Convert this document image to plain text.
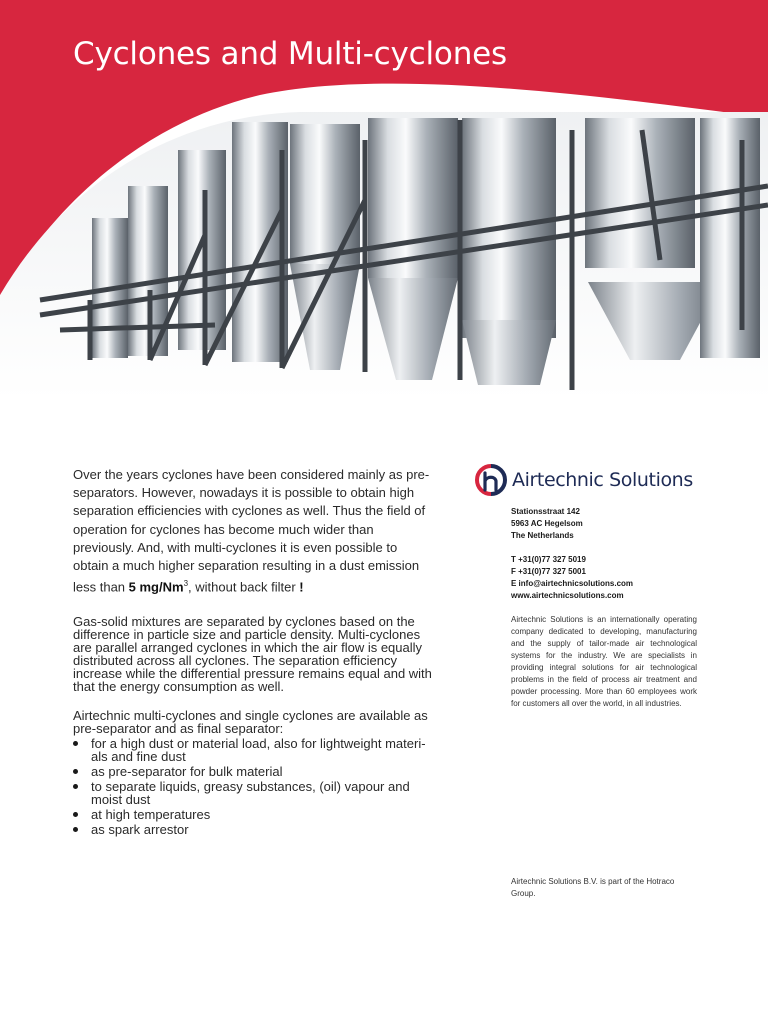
Cyclones and Multi-cyclones

Over the years cyclones have been considered mainly as pre-separators. However, nowadays it is possible to obtain high separation efficiencies with cyclones as well. Thus the field of operation for cyclones has become much wider than previously. And, with multi-cyclones it is even possible to obtain a much higher separation resulting in a dust emission less than 5 mg/Nm$^3$, without back filter !

Gas-solid mixtures are separated by cyclones based on the difference in particle size and particle density. Multi-cyclones are parallel arranged cyclones in which the air flow is equally distributed across all cyclones. The separation efficiency increase while the differential pressure remains equal and with that the energy consumption as well.

Airtechnic multi-cyclones and single cyclones are available as pre-separator and as final separator:

for a high dust or material load, also for lightweight materi-als and fine dust
as pre-separator for bulk material
to separate liquids, greasy substances, (oil) vapour and moist dust
at high temperatures
as spark arrestor
Airtechnic Solutions
Stationsstraat 142
5963 AC Hegelsom
The Netherlands
T +31(0)77 327 5019
F +31(0)77 327 5001
E info@airtechnicsolutions.com
www.airtechnicsolutions.com

Airtechnic Solutions is an internationally operating company dedicated to developing, manufacturing and the supply of tailor-made air technological systems for the industry. We are specialists in providing integral solutions for air technological problems in the field of process air treatment and powder processing. More than 60 employees work for customers all over the world, in all industries.

Airtechnic Solutions B.V. is part of the Hotraco Group.
